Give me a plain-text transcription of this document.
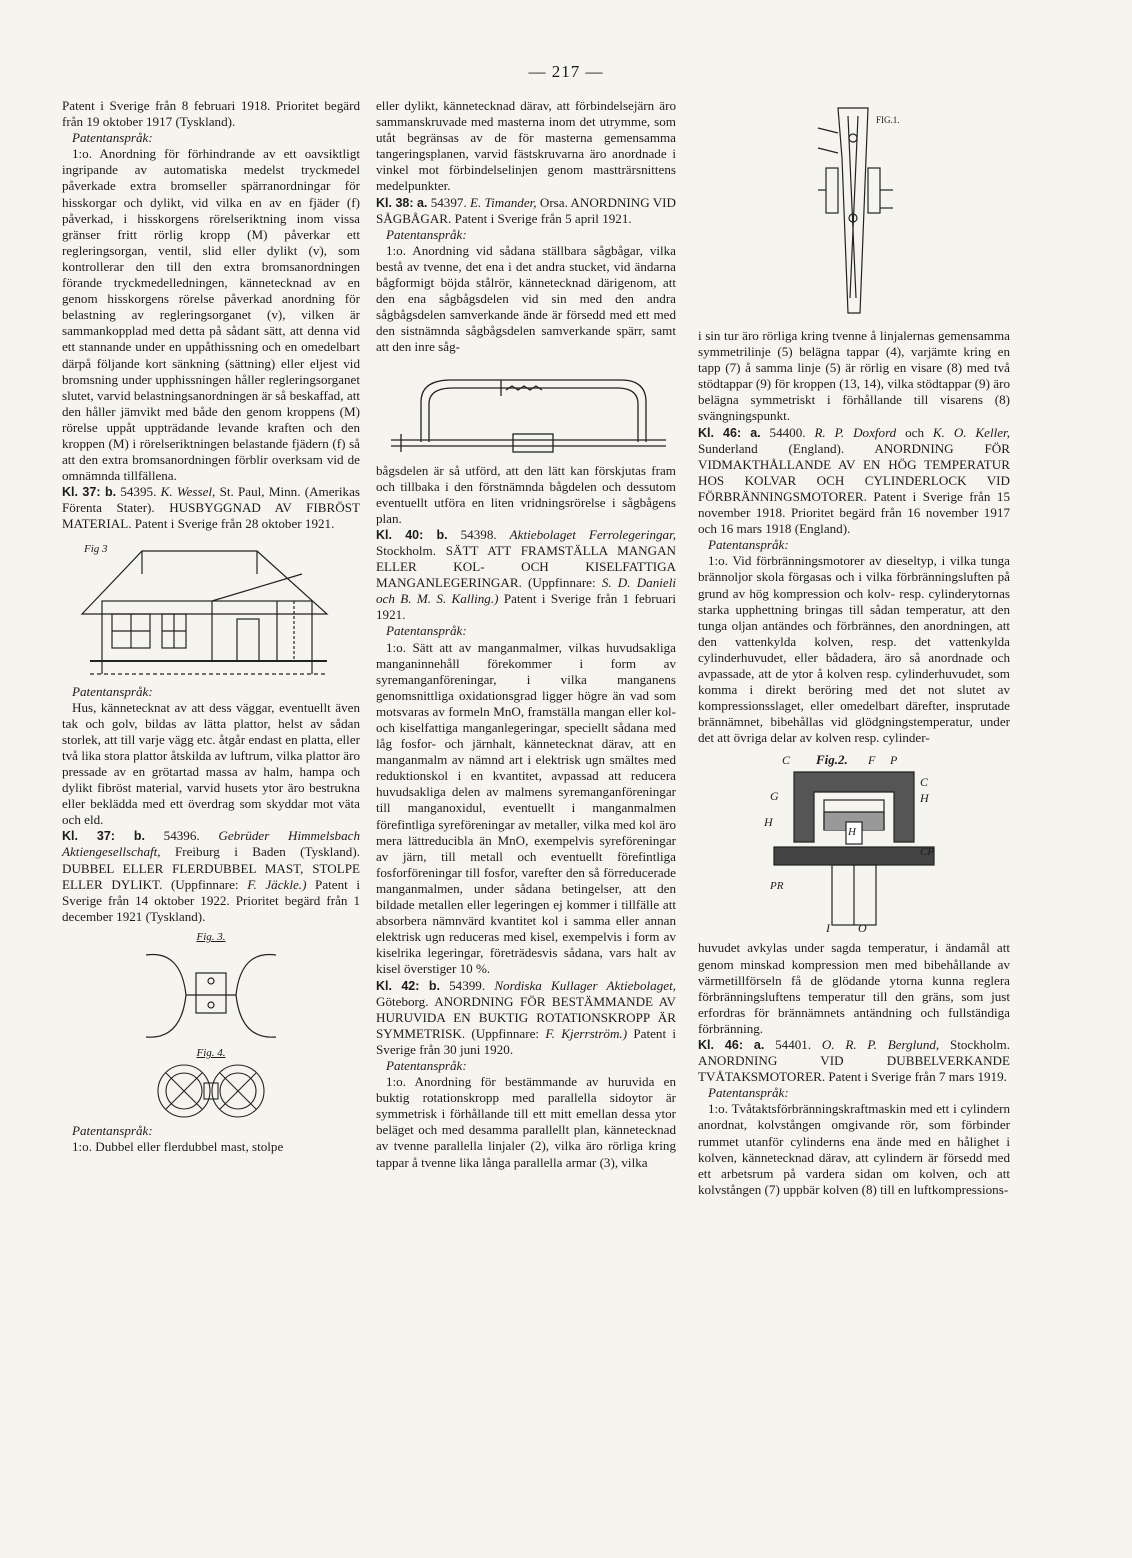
— 217 —

Patent i Sverige från 8 februari 1918. Prioritet begärd från 19 oktober 1917 (Tyskland).

Patentanspråk:

1:o. Anordning för förhindrande av ett oavsiktligt ingripande av automatiska medelst tryckmedel påverkade extra bromseller spärranordningar för hisskorgar och dylikt, vid vilka en av en fjäder (f) påverkad, i hisskorgens rörelseriktning inom vissa gränser fritt rörlig kropp (M) påverkar ett regleringsorgan, ventil, slid eller dylikt (v), som kontrollerar den till den extra bromsanordningen förande tryckmedelledningen, kännetecknad av en genom hisskorgens rörelse påverkad anordning för belastning av regleringsorganet (v), vilken är sammankopplad med detta på sådant sätt, att denna vid ett stannande under en uppåthissning och en omedelbart därpå följande kort sänkning (sättning) eller eljest vid bromsning under upphissningen håller regleringsorganet slutet, varvid belastningsanordningen är så beskaffad, att den håller jämvikt med både den genom kroppens (M) rörelse uppåt uppträdande levande kraften och den kroppen (M) i rörelseriktningen belastande fjädern (f) så att den extra bromsanordningen förblir overksam vid de omnämnda tillfällena.

Kl. 37: b. 54395. K. Wessel, St. Paul, Minn. (Amerikas Förenta Stater). HUSBYGGNAD AV FIBRÖST MATERIAL. Patent i Sverige från 28 oktober 1921.

Fig 3

Patentanspråk:

Hus, kännetecknat av att dess väggar, eventuellt även tak och golv, bildas av lätta plattor, helst av sådan storlek, att till varje vägg etc. åtgår endast en platta, eller två lika stora plattor åtskilda av luftrum, vilka plattor äro pressade av en grötartad massa av halm, hampa och dylikt fibröst material, varvid husets ytor äro bestrukna eller beklädda med ett överdrag som skyddar mot väta och eld.

Kl. 37: b. 54396. Gebrüder Himmelsbach Aktiengesellschaft, Freiburg i Baden (Tyskland). DUBBEL ELLER FLERDUBBEL MAST, STOLPE ELLER DYLIKT. (Uppfinnare: F. Jäckle.) Patent i Sverige från 14 oktober 1922. Prioritet begärd från 1 december 1921 (Tyskland).

Fig. 3.
Fig. 4.

Patentanspråk:

1:o. Dubbel eller flerdubbel mast, stolpe

eller dylikt, kännetecknad därav, att förbindelsejärn äro sammanskruvade med masterna inom det utrymme, som utåt begränsas av de för masterna gemensamma tangeringsplanen, varvid fästskruvarna äro anordnade i vinkel mot förbindelselinjen genom mastträrsnittens medelpunkter.

Kl. 38: a. 54397. E. Timander, Orsa. ANORDNING VID SÅGBÅGAR. Patent i Sverige från 5 april 1921.

Patentanspråk:

1:o. Anordning vid sådana ställbara sågbågar, vilka bestå av tvenne, det ena i det andra stucket, vid ändarna bågformigt böjda stålrör, kännetecknad därigenom, att den ena sågbågsdelen vid sin med den andra sågbågsdelen samverkande ände är försedd med ett med den sistnämnda sågbågsdelen samverkande spärr, samt att den inre såg-

bågsdelen är så utförd, att den lätt kan förskjutas fram och tillbaka i den förstnämnda bågdelen och dessutom eventuellt utföra en liten vridningsrörelse i sågbågens plan.

Kl. 40: b. 54398. Aktiebolaget Ferrolegeringar, Stockholm. SÄTT ATT FRAMSTÄLLA MANGAN ELLER KOL- OCH KISELFATTIGA MANGANLEGERINGAR. (Uppfinnare: S. D. Danieli och B. M. S. Kalling.) Patent i Sverige från 1 februari 1921.

Patentanspråk:

1:o. Sätt att av manganmalmer, vilkas huvudsakliga manganinnehåll förekommer i form av syremanganföreningar, i vilka manganens genomsnittliga oxidationsgrad ligger högre än vad som motsvaras av formeln MnO, framställa mangan eller kol- och kiselfattiga manganlegeringar, speciellt sådana med låg fosfor- och järnhalt, kännetecknat därav, att en manganmalm av nämnd art i elektrisk ugn smältes med reduktionskol i en kvantitet, avpassad att reducera huvudsakliga delen av malmens syremanganföreningar till manganoxidul, eventuellt i manganmalmen förefintliga syreföreningar av metaller, vilka med kol äro mera lättreducibla än MnO, exempelvis syreföreningar av järn, till metall och eventuellt förefintliga fosforföreningar till fosfor, varefter den så förreducerade manganmalmen, under sådana betingelser, att den bildade metallen eller legeringen ej kommer i tillfälle att absorbera nämnvärd kvantitet kol i samma eller annan elektrisk ugn reduceras med kisel, exempelvis i form av kiselrika legeringar, företrädesvis sådana, vars halt av kisel överstiger 10 %.

Kl. 42: b. 54399. Nordiska Kullager Aktiebolaget, Göteborg. ANORDNING FÖR BESTÄMMANDE AV HURUVIDA EN BUKTIG ROTATIONSKROPP ÄR SYMMETRISK. (Uppfinnare: F. Kjerrström.) Patent i Sverige från 30 juni 1920.

Patentanspråk:

1:o. Anordning för bestämmande av huruvida en buktig rotationskropp med parallella sidoytor är symmetrisk i förhållande till ett mitt emellan dessa ytor beläget och med desamma parallellt plan, kännetecknad av tvenne parallella linjaler (2), vilka äro rörliga kring tappar å tvenne lika långa parallella armar (3), vilka

FIG.1.

i sin tur äro rörliga kring tvenne å linjalernas gemensamma symmetrilinje (5) belägna tappar (4), varjämte kring en tapp (7) å samma linje (5) är rörlig en visare (8) med två stödtappar (9) för kroppen (13, 14), vilka stödtappar (9) äro belägna symmetriskt i förhållande till visarens (8) svängningspunkt.

Kl. 46: a. 54400. R. P. Doxford och K. O. Keller, Sunderland (England). ANORDNING FÖR VIDMAKTHÅLLANDE AV EN HÖG TEMPERATUR HOS KOLVAR OCH CYLINDERLOCK VID FÖRBRÄNNINGSMOTORER. Patent i Sverige från 15 november 1918. Prioritet begärd från 16 november 1917 och 16 mars 1918 (England).

Patentanspråk:

1:o. Vid förbränningsmotorer av dieseltyp, i vilka tunga brännoljor skola förgasas och i vilka förbränningsluften på grund av hög kompression och kolv- resp. cylinderytornas starka upphettning bringas till sådan temperatur, att den tunga oljan antändes och förbrännes, den anordningen, att den vattenkylda kolven, resp. det vattenkylda cylinderhuvudet, eller bådadera, äro så anordnade och avpassade, att de ytor å kolven resp. cylinderhuvudet, som komma i direkt beröring med det not slutet av kompressionsslaget, eller omedelbart därefter, insprutade brännämnet, bibehållas vid glödgningstemperatur, under det att övriga delar av kolven resp. cylinder-

Fig.2.
C	F P
C
H
H
H
CP
PR
I O
G

huvudet avkylas under sagda temperatur, i ändamål att genom minskad kompression men med bibehållande av värmetillförseln få de glödande ytorna kunna reglera förbränningsluftens temperatur till den gräns, som just erfordras för brännämnets antändning och fullständiga förbränning.

Kl. 46: a. 54401. O. R. P. Berglund, Stockholm. ANORDNING VID DUBBELVERKANDE TVÅTAKSMOTORER. Patent i Sverige från 7 mars 1919.

Patentanspråk:

1:o. Tvåtaktsförbränningskraftmaskin med ett i cylindern anordnat, kolvstången omgivande rör, som förbinder rummet utanför cylinderns ena ände med en hålighet i kolven, kännetecknad därav, att cylindern är försedd med ett arbetsrum på vardera sidan om kolven, och att kolvstången (7) uppbär kolven (8) till en luftkompressions-
